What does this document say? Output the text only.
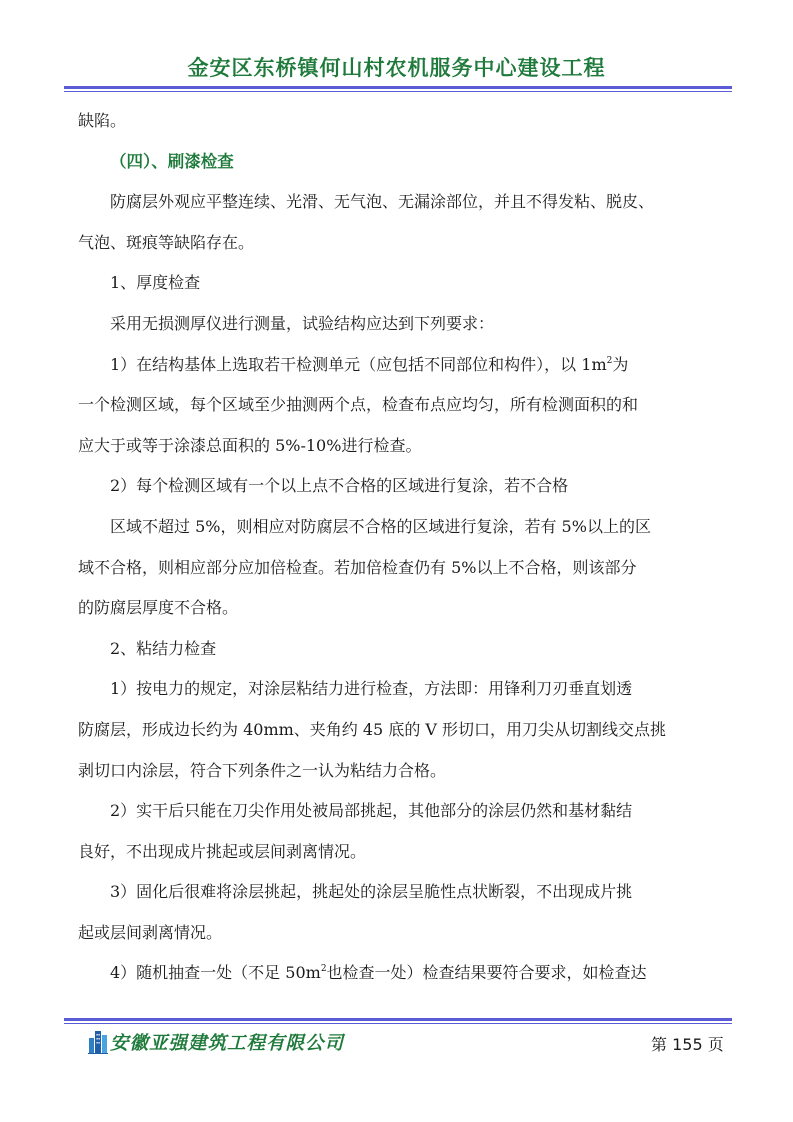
金安区东桥镇何山村农机服务中心建设工程
缺陷。
（四）、刷漆检查
防腐层外观应平整连续、光滑、无气泡、无漏涂部位，并且不得发粘、脱皮、
气泡、斑痕等缺陷存在。
1、厚度检查
采用无损测厚仪进行测量，试验结构应达到下列要求：
1）在结构基体上选取若干检测单元（应包括不同部位和构件），以 $1m^2$为
一个检测区域，每个区域至少抽测两个点，检查布点应均匀，所有检测面积的和
应大于或等于涂漆总面积的 5%-10%进行检查。
2）每个检测区域有一个以上点不合格的区域进行复涂，若不合格
区域不超过 5%，则相应对防腐层不合格的区域进行复涂，若有 5%以上的区
域不合格，则相应部分应加倍检查。若加倍检查仍有 5%以上不合格，则该部分
的防腐层厚度不合格。
2、粘结力检查
1）按电力的规定，对涂层粘结力进行检查，方法即：用锋利刀刃垂直划透
防腐层，形成边长约为 40mm、夹角约 45 底的 V 形切口，用刀尖从切割线交点挑
剥切口内涂层，符合下列条件之一认为粘结力合格。
2）实干后只能在刀尖作用处被局部挑起，其他部分的涂层仍然和基材黏结
良好，不出现成片挑起或层间剥离情况。
3）固化后很难将涂层挑起，挑起处的涂层呈脆性点状断裂，不出现成片挑
起或层间剥离情况。
4）随机抽查一处（不足 $50m^2$也检查一处）检查结果要符合要求，如检查达
安徽亚强建筑工程有限公司	第 155 页
